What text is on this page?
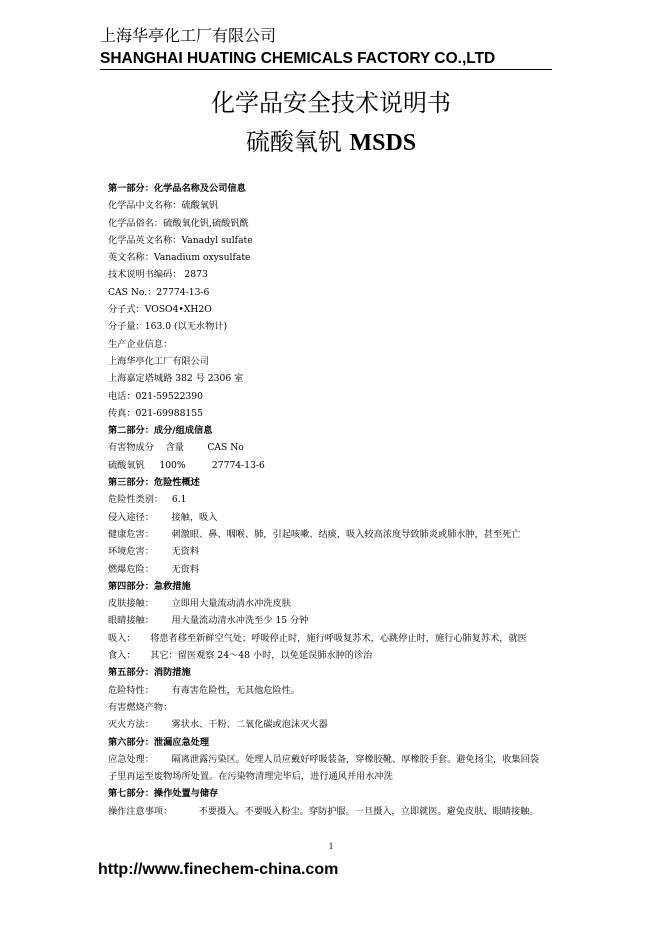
上海华亭化工厂有限公司
SHANGHAI HUATING CHEMICALS FACTORY CO.,LTD
化学品安全技术说明书
硫酸氧钒 MSDS
第一部分：化学品名称及公司信息
化学品中文名称：硫酸氧钒
化学品俗名：硫酸氧化钒,硫酸钒酰
化学品英文名称：Vanadyl sulfate
英文名称：Vanadium oxysulfate
技术说明书编码： 2873
CAS No.：27774-13-6
分子式：VOSO4•XH2O
分子量：163.0 (以无水物计)
生产企业信息：
上海华亭化工厂有限公司
上海嘉定塔城路 382 号 2306 室
电话：021-59522390
传真：021-69988155
第二部分：成分/组成信息
有害物成分    含量        CAS No
硫酸氧钒     100%         27774-13-6
第三部分：危险性概述
危险性类别：   6.1
侵入途径：      接触，吸入
健康危害：      刺激眼、鼻、咽喉、肺，引起咳嗽、结痰，吸入较高浓度导致肺炎或肺水肿，甚至死亡
环境危害：      无资料
燃爆危险：      无资料
第四部分：急救措施
皮肤接触：      立即用大量流动清水冲洗皮肤
眼睛接触：      用大量流动清水冲洗至少 15 分钟
吸入：     将患者移至新鲜空气处；呼吸停止时，施行呼吸复苏术，心跳停止时，施行心肺复苏术，就医
食入：     其它：留医观察 24～48 小时，以免延误肺水肿的诊治
第五部分：消防措施
危险特性：      有毒害危险性，无其他危险性。
有害燃烧产物：
灭火方法：      雾状水、干粉、二氧化碳或泡沫灭火器
第六部分：泄漏应急处理
应急处理：      隔离泄露污染区。处理人员应戴好呼吸装备，穿橡胶靴、厚橡胶手套。避免扬尘，收集回袋
子里再运至废物场所处置。在污染物清理完毕后，进行通风并用水冲洗
第七部分：操作处置与储存
操作注意事项：         不要摄入。不要吸入粉尘。穿防护服。一旦摄入，立即就医。避免皮肤、眼睛接触。
1
http://www.finechem-china.com
